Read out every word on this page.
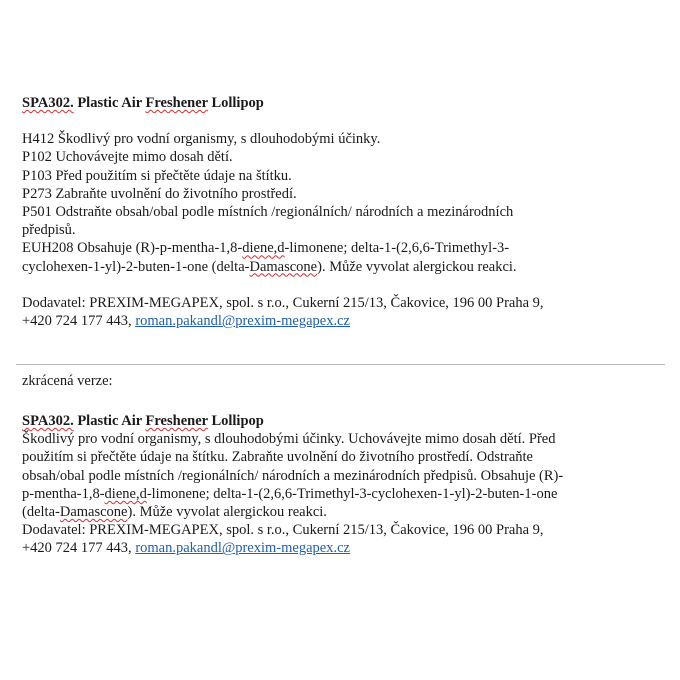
SPA302. Plastic Air Freshener Lollipop
H412 Škodlivý pro vodní organismy, s dlouhodobými účinky.
P102 Uchovávejte mimo dosah dětí.
P103 Před použitím si přečtěte údaje na štítku.
P273 Zabraňte uvolnění do životního prostředí.
P501 Odstraňte obsah/obal podle místních /regionálních/ národních a mezinárodních
předpisů.
EUH208 Obsahuje (R)-p-mentha-1,8-diene,d-limonene; delta-1-(2,6,6-Trimethyl-3-
cyclohexen-1-yl)-2-buten-1-one (delta-Damascone). Může vyvolat alergickou reakci.
Dodavatel: PREXIM-MEGAPEX, spol. s r.o., Cukerní 215/13, Čakovice, 196 00 Praha 9,
+420 724 177 443, roman.pakandl@prexim-megapex.cz
zkrácená verze:
SPA302. Plastic Air Freshener Lollipop
Škodlivý pro vodní organismy, s dlouhodobými účinky. Uchovávejte mimo dosah dětí. Před
použitím si přečtěte údaje na štítku. Zabraňte uvolnění do životního prostředí. Odstraňte
obsah/obal podle místních /regionálních/ národních a mezinárodních předpisů. Obsahuje (R)-
p-mentha-1,8-diene,d-limonene; delta-1-(2,6,6-Trimethyl-3-cyclohexen-1-yl)-2-buten-1-one
(delta-Damascone). Může vyvolat alergickou reakci.
Dodavatel: PREXIM-MEGAPEX, spol. s r.o., Cukerní 215/13, Čakovice, 196 00 Praha 9,
+420 724 177 443, roman.pakandl@prexim-megapex.cz
